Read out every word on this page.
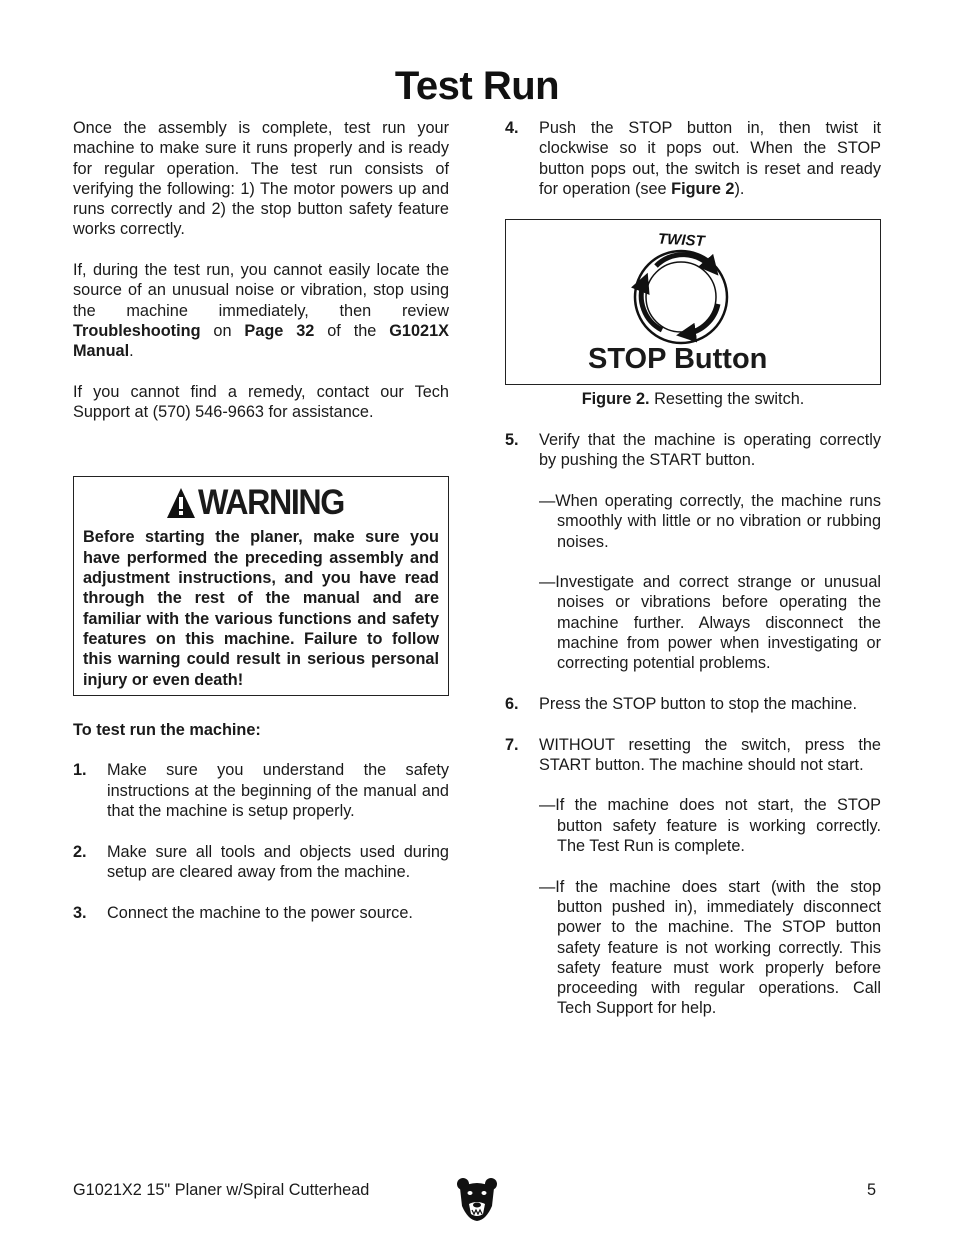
Test Run

Once the assembly is complete, test run your machine to make sure it runs properly and is ready for regular operation. The test run consists of verifying the following: 1) The motor powers up and runs correctly and 2) the stop button safety feature works correctly.

If, during the test run, you cannot easily locate the source of an unusual noise or vibration, stop using the machine immediately, then review Troubleshooting on Page 32 of the G1021X Manual.

If you cannot find a remedy, contact our Tech Support at (570) 546-9663 for assistance.

WARNING

Before starting the planer, make sure you have performed the preceding assembly and adjustment instructions, and you have read through the rest of the manual and are familiar with the various functions and safety features on this machine. Failure to follow this warning could result in serious personal injury or even death!

To test run the machine:

1.	Make sure you understand the safety instructions at the beginning of the manual and that the machine is setup properly.
2.	Make sure all tools and objects used during setup are cleared away from the machine.
3.	Connect the machine to the power source.
4.	Push the STOP button in, then twist it clockwise so it pops out. When the STOP button pops out, the switch is reset and ready for operation (see Figure 2).
TWIST
STOP Button

Figure 2. Resetting the switch.

5.	Verify that the machine is operating correctly by pushing the START button.

—When operating correctly, the machine runs smoothly with little or no vibration or rubbing noises.

—Investigate and correct strange or unusual noises or vibrations before operating the machine further. Always disconnect the machine from power when investigating or correcting potential problems.

6.	Press the STOP button to stop the machine.
7.	WITHOUT resetting the switch, press the START button. The machine should not start.

—If the machine does not start, the STOP button safety feature is working correctly. The Test Run is complete.

—If the machine does start (with the stop button pushed in), immediately disconnect power to the machine. The STOP button safety feature is not working correctly. This safety feature must work properly before proceeding with regular operations. Call Tech Support for help.

G1021X2 15" Planer w/Spiral Cutterhead	5
